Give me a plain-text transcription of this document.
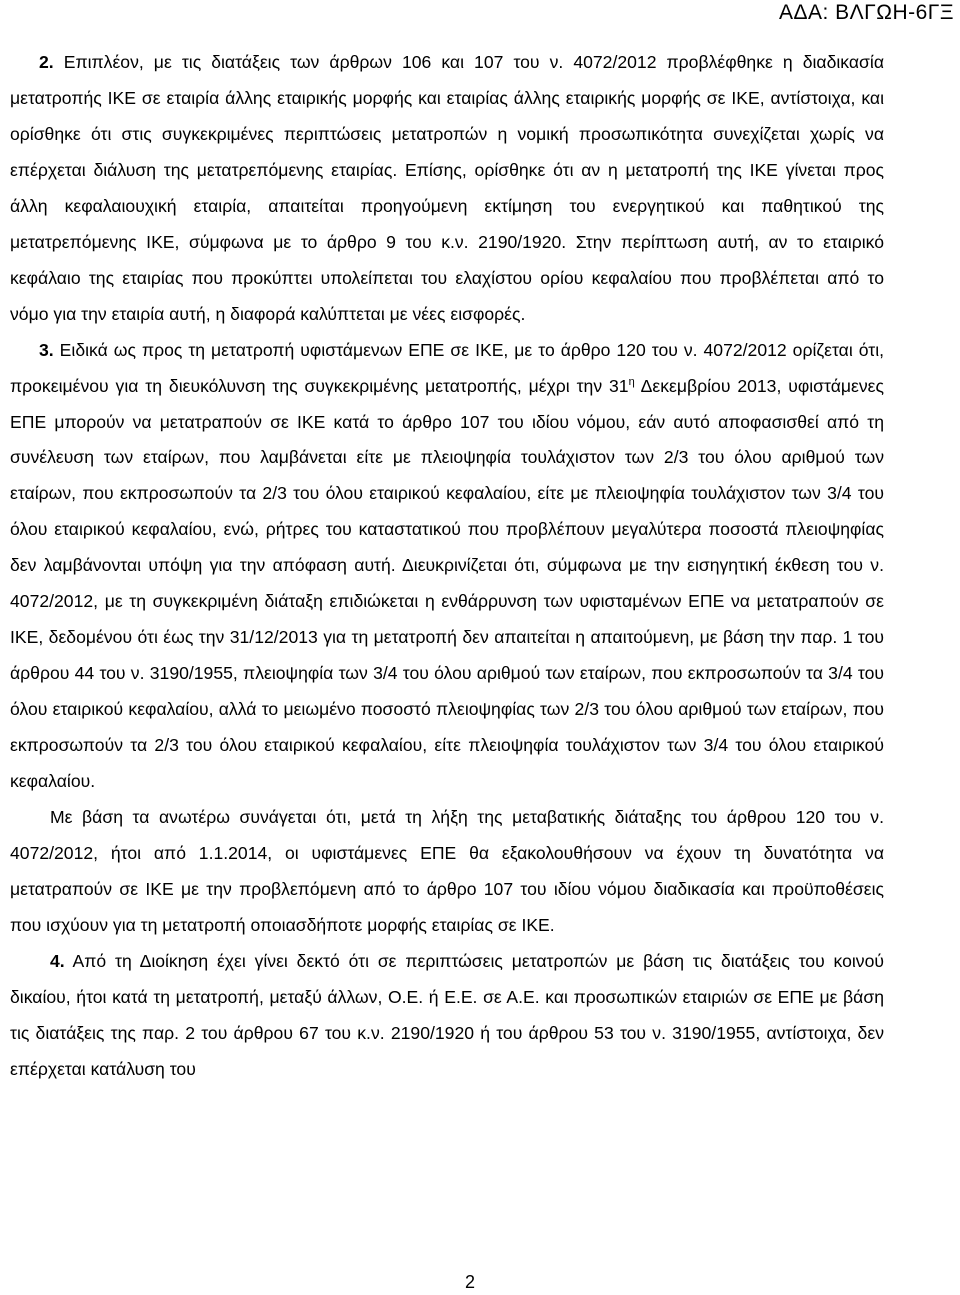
ΑΔΑ: ΒΛΓΩΗ-6ΓΞ

2. Επιπλέον, με τις διατάξεις των άρθρων 106 και 107 του ν. 4072/2012 προβλέφθηκε η διαδικασία μετατροπής ΙΚΕ σε εταιρία άλλης εταιρικής μορφής και εταιρίας άλλης εταιρικής μορφής σε ΙΚΕ, αντίστοιχα, και ορίσθηκε ότι στις συγκεκριμένες περιπτώσεις μετατροπών η νομική προσωπικότητα συνεχίζεται χωρίς να επέρχεται διάλυση της μετατρεπόμενης εταιρίας. Επίσης, ορίσθηκε ότι αν η μετατροπή της ΙΚΕ γίνεται προς άλλη κεφαλαιουχική εταιρία, απαιτείται προηγούμενη εκτίμηση του ενεργητικού και παθητικού της μετατρεπόμενης ΙΚΕ, σύμφωνα με το άρθρο 9 του κ.ν. 2190/1920. Στην περίπτωση αυτή, αν το εταιρικό κεφάλαιο της εταιρίας που προκύπτει υπολείπεται του ελαχίστου ορίου κεφαλαίου που προβλέπεται από το νόμο για την εταιρία αυτή, η διαφορά καλύπτεται με νέες εισφορές.

3. Ειδικά ως προς τη μετατροπή υφιστάμενων ΕΠΕ σε ΙΚΕ, με το άρθρο 120 του ν. 4072/2012 ορίζεται ότι, προκειμένου για τη διευκόλυνση της συγκεκριμένης μετατροπής, μέχρι την $31^\eta$ Δεκεμβρίου 2013, υφιστάμενες ΕΠΕ μπορούν να μετατραπούν σε ΙΚΕ κατά το άρθρο 107 του ιδίου νόμου, εάν αυτό αποφασισθεί από τη συνέλευση των εταίρων, που λαμβάνεται είτε με πλειοψηφία τουλάχιστον των 2/3 του όλου αριθμού των εταίρων, που εκπροσωπούν τα 2/3 του όλου εταιρικού κεφαλαίου, είτε με πλειοψηφία τουλάχιστον των 3/4 του όλου εταιρικού κεφαλαίου, ενώ, ρήτρες του καταστατικού που προβλέπουν μεγαλύτερα ποσοστά πλειοψηφίας δεν λαμβάνονται υπόψη για την απόφαση αυτή. Διευκρινίζεται ότι, σύμφωνα με την εισηγητική έκθεση του ν. 4072/2012, με τη συγκεκριμένη διάταξη επιδιώκεται η ενθάρρυνση των υφισταμένων ΕΠΕ να μετατραπούν σε ΙΚΕ, δεδομένου ότι έως την 31/12/2013 για τη μετατροπή δεν απαιτείται η απαιτούμενη, με βάση την παρ. 1 του άρθρου 44 του ν. 3190/1955, πλειοψηφία των 3/4 του όλου αριθμού των εταίρων, που εκπροσωπούν τα 3/4 του όλου εταιρικού κεφαλαίου, αλλά το μειωμένο ποσοστό πλειοψηφίας των 2/3 του όλου αριθμού των εταίρων, που εκπροσωπούν τα 2/3 του όλου εταιρικού κεφαλαίου, είτε πλειοψηφία τουλάχιστον των 3/4 του όλου εταιρικού κεφαλαίου.

Με βάση τα ανωτέρω συνάγεται ότι, μετά τη λήξη της μεταβατικής διάταξης του άρθρου 120 του ν. 4072/2012, ήτοι από 1.1.2014, οι υφιστάμενες ΕΠΕ θα εξακολουθήσουν να έχουν τη δυνατότητα να μετατραπούν σε ΙΚΕ με την προβλεπόμενη από το άρθρο 107 του ιδίου νόμου διαδικασία και προϋποθέσεις που ισχύουν για τη μετατροπή οποιασδήποτε μορφής εταιρίας σε ΙΚΕ.

4. Από τη Διοίκηση έχει γίνει δεκτό ότι σε περιπτώσεις μετατροπών με βάση τις διατάξεις του κοινού δικαίου, ήτοι κατά τη μετατροπή, μεταξύ άλλων, Ο.Ε. ή Ε.Ε. σε Α.Ε. και προσωπικών εταιριών σε ΕΠΕ με βάση τις διατάξεις της παρ. 2 του άρθρου 67 του κ.ν. 2190/1920 ή του άρθρου 53 του ν. 3190/1955, αντίστοιχα, δεν επέρχεται κατάλυση του

2
